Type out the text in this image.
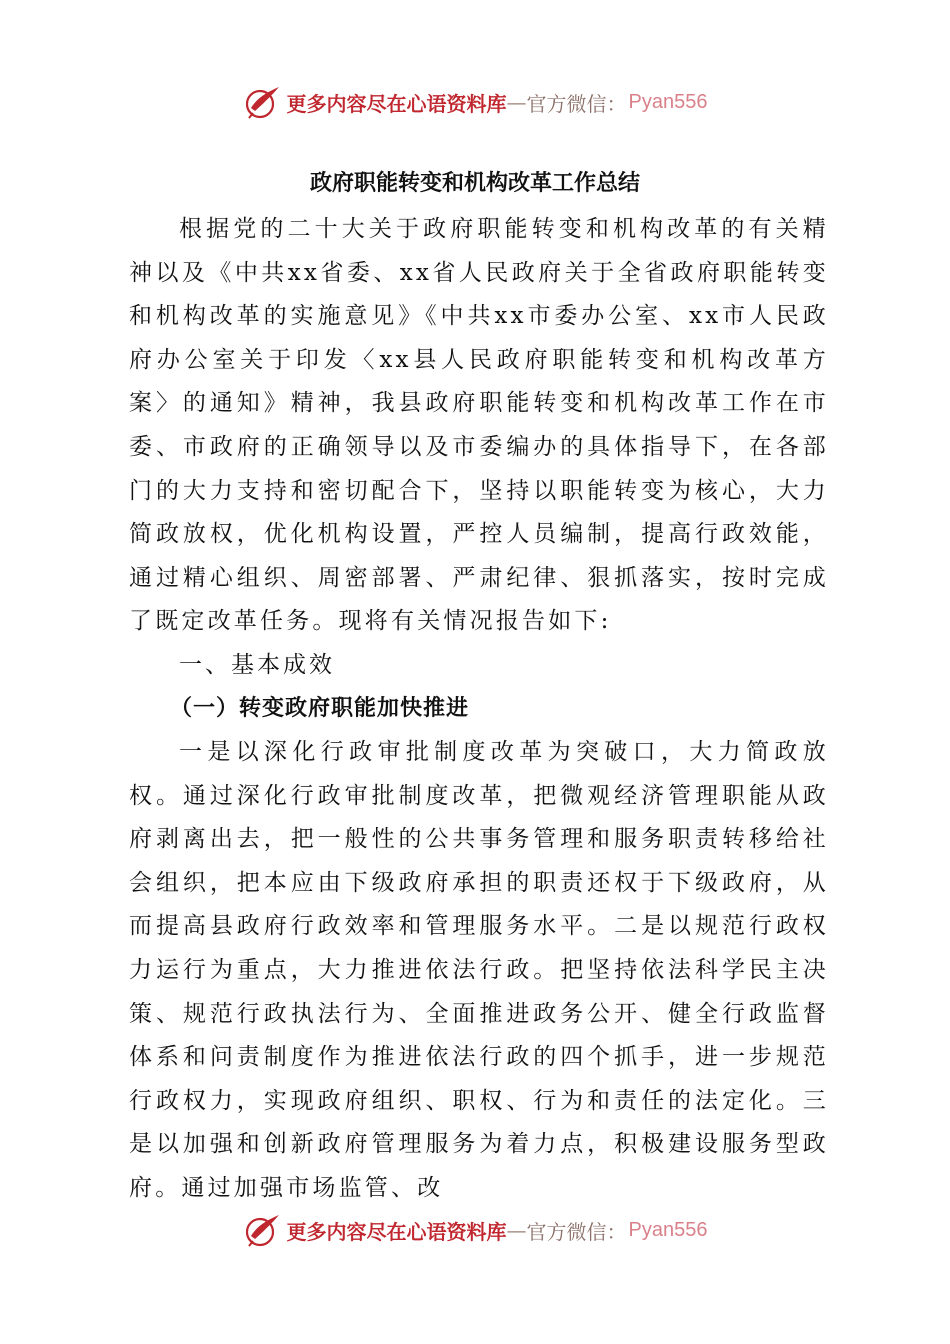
更多内容尽在心语资料库 — 官方微信： Pyan556
政府职能转变和机构改革工作总结
根据党的二十大关于政府职能转变和机构改革的有关精神以及《中共xx省委、xx省人民政府关于全省政府职能转变和机构改革的实施意见》《中共xx市委办公室、xx市人民政府办公室关于印发〈xx县人民政府职能转变和机构改革方案〉的通知》精神，我县政府职能转变和机构改革工作在市委、市政府的正确领导以及市委编办的具体指导下，在各部门的大力支持和密切配合下，坚持以职能转变为核心，大力简政放权，优化机构设置，严控人员编制，提高行政效能，通过精心组织、周密部署、严肃纪律、狠抓落实，按时完成了既定改革任务。现将有关情况报告如下:
一、基本成效
（一）转变政府职能加快推进
一是以深化行政审批制度改革为突破口，大力简政放权。通过深化行政审批制度改革，把微观经济管理职能从政府剥离出去，把一般性的公共事务管理和服务职责转移给社会组织，把本应由下级政府承担的职责还权于下级政府，从而提高县政府行政效率和管理服务水平。二是以规范行政权力运行为重点，大力推进依法行政。把坚持依法科学民主决策、规范行政执法行为、全面推进政务公开、健全行政监督体系和问责制度作为推进依法行政的四个抓手，进一步规范行政权力，实现政府组织、职权、行为和责任的法定化。三是以加强和创新政府管理服务为着力点，积极建设服务型政府。通过加强市场监管、改
更多内容尽在心语资料库 — 官方微信： Pyan556
